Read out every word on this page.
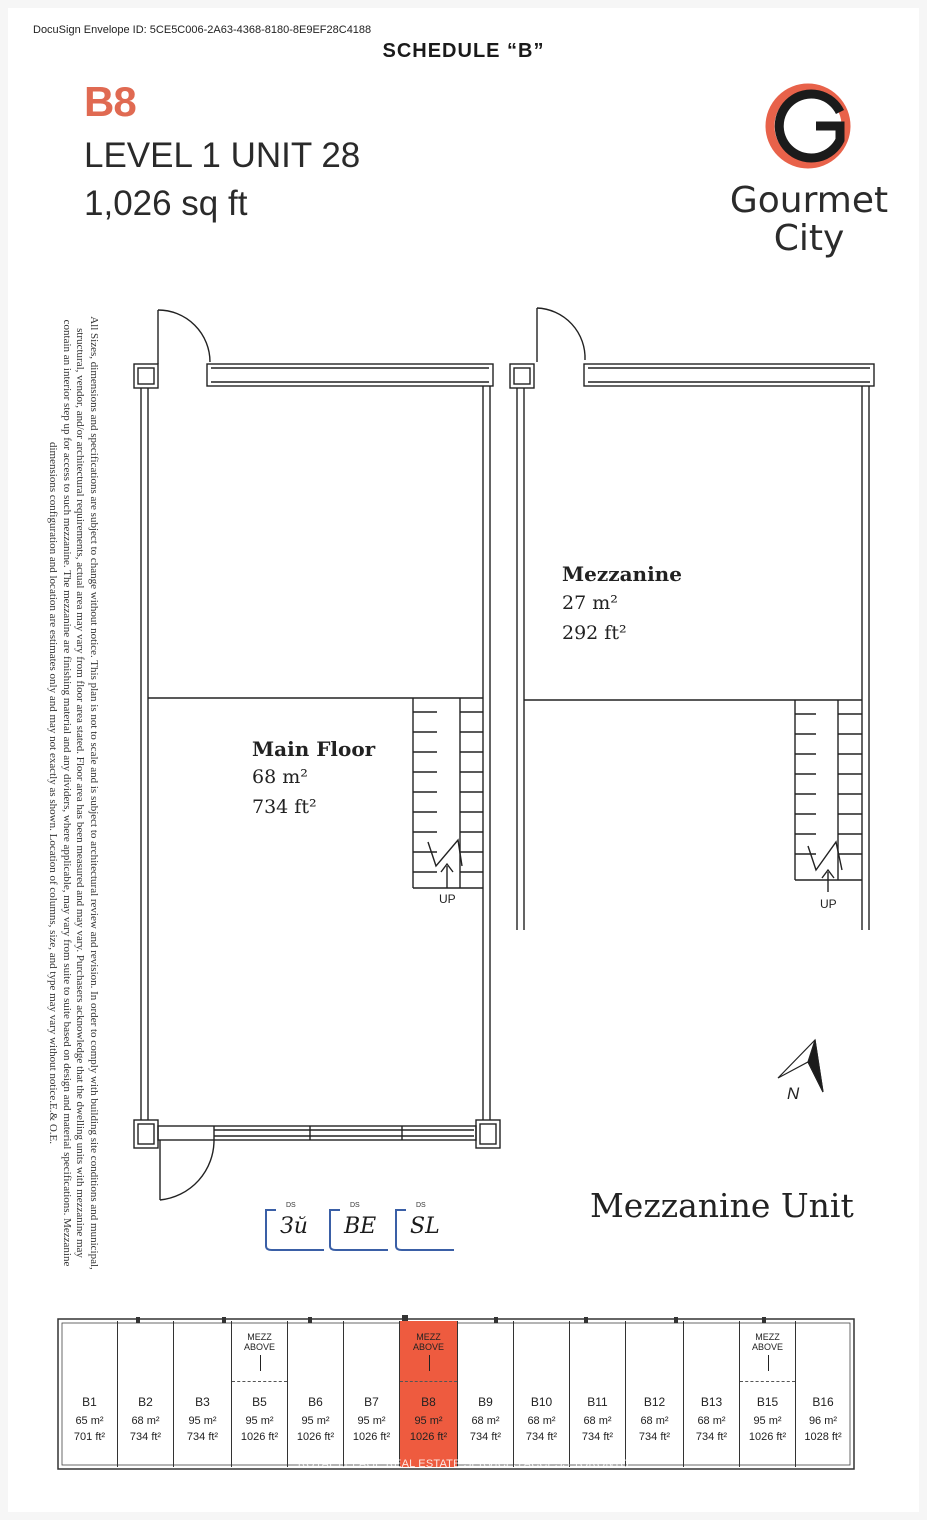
DocuSign Envelope ID: 5CE5C006-2A63-4368-8180-8E9EF28C4188
SCHEDULE “B”
B8
LEVEL 1 UNIT 28
1,026 sq ft	Gourmet
City
All Sizes, dimensions and specifications are subject to change without notice. This plan is not to scale and is subject to architectural review and revision. In order to comply with building site conditions and municipal, structural, vendor, and/or architectural requirements, actual area may vary from floor area stated. Floor area has been measured and may vary. Purchasers acknowledge that the dwelling units with mezzanine may contain an interior step up for access to such mezzanine. The mezzanine are finishing material and any dividers, where applicable, may vary from suite to suite based on design and material specifications. Mezzanine dimensions configuration and location are estimates only and may not exactly as shown. Location of columns, size, and type may vary without notice.E.& O.E.	Main Floor
68 m²
734 ft²
UP
Mezzanine
27 m²
292 ft²
UP
N
Mezzanine Unit
DS
Зй
DS
BE
DS
SL
B1
65 m²
701 ft²
B2
68 m²
734 ft²
B3
95 m²
734 ft²
B5
95 m²
1026 ft²
MEZZ
ABOVE
B6
95 m²
1026 ft²
B7
95 m²
1026 ft²
B8
95 m²
1026 ft²
MEZZ
ABOVE
B9
68 m²
734 ft²
B10
68 m²
734 ft²
B11
68 m²
734 ft²
B12
68 m²
734 ft²
B13
68 m²
734 ft²
B15
95 m²
1026 ft²
MEZZ
ABOVE
B16
96 m²
1028 ft²
ROYAL LEPAGE REAL ESTATE SERVICES ACCESS TORONTO
